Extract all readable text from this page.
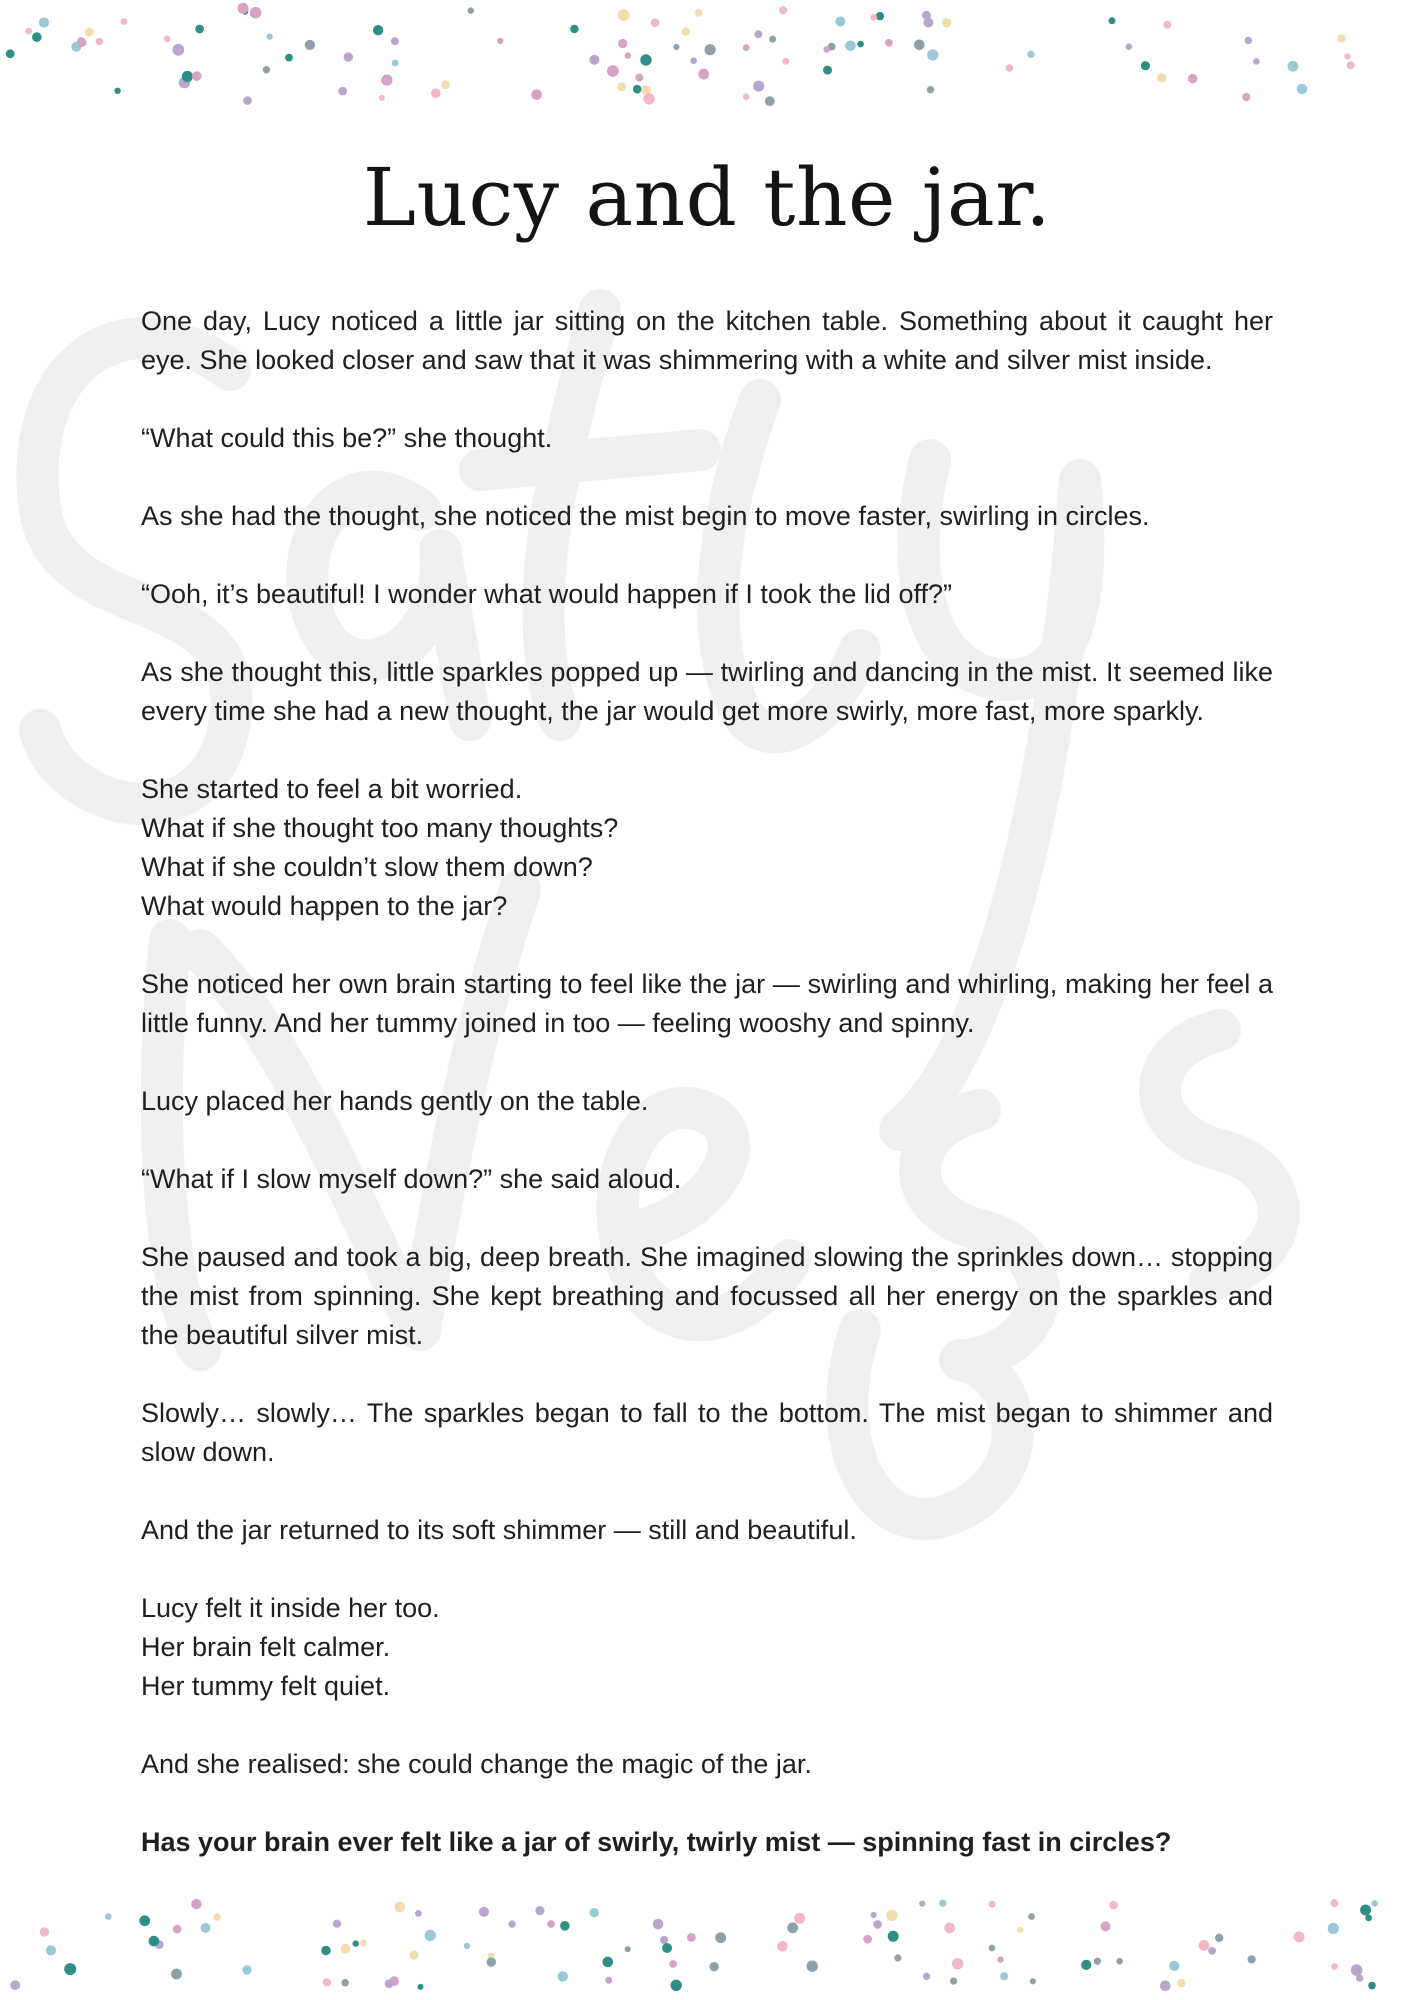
Lucy and the jar.

One day, Lucy noticed a little jar sitting on the kitchen table. Something about it caught her eye. She looked closer and saw that it was shimmering with a white and silver mist inside.

“What could this be?” she thought.

As she had the thought, she noticed the mist begin to move faster, swirling in circles.

“Ooh, it’s beautiful! I wonder what would happen if I took the lid off?”

As she thought this, little sparkles popped up — twirling and dancing in the mist. It seemed like every time she had a new thought, the jar would get more swirly, more fast, more sparkly.

She started to feel a bit worried.
What if she thought too many thoughts?
What if she couldn’t slow them down?
What would happen to the jar?

She noticed her own brain starting to feel like the jar — swirling and whirling, making her feel a little funny. And her tummy joined in too — feeling wooshy and spinny.

Lucy placed her hands gently on the table.

“What if I slow myself down?” she said aloud.

She paused and took a big, deep breath. She imagined slowing the sprinkles down… stopping the mist from spinning. She kept breathing and focussed all her energy on the sparkles and the beautiful silver mist.

Slowly… slowly… The sparkles began to fall to the bottom. The mist began to shimmer and slow down.

And the jar returned to its soft shimmer — still and beautiful.

Lucy felt it inside her too.
Her brain felt calmer.
Her tummy felt quiet.

And she realised: she could change the magic of the jar.

Has your brain ever felt like a jar of swirly, twirly mist — spinning fast in circles?
